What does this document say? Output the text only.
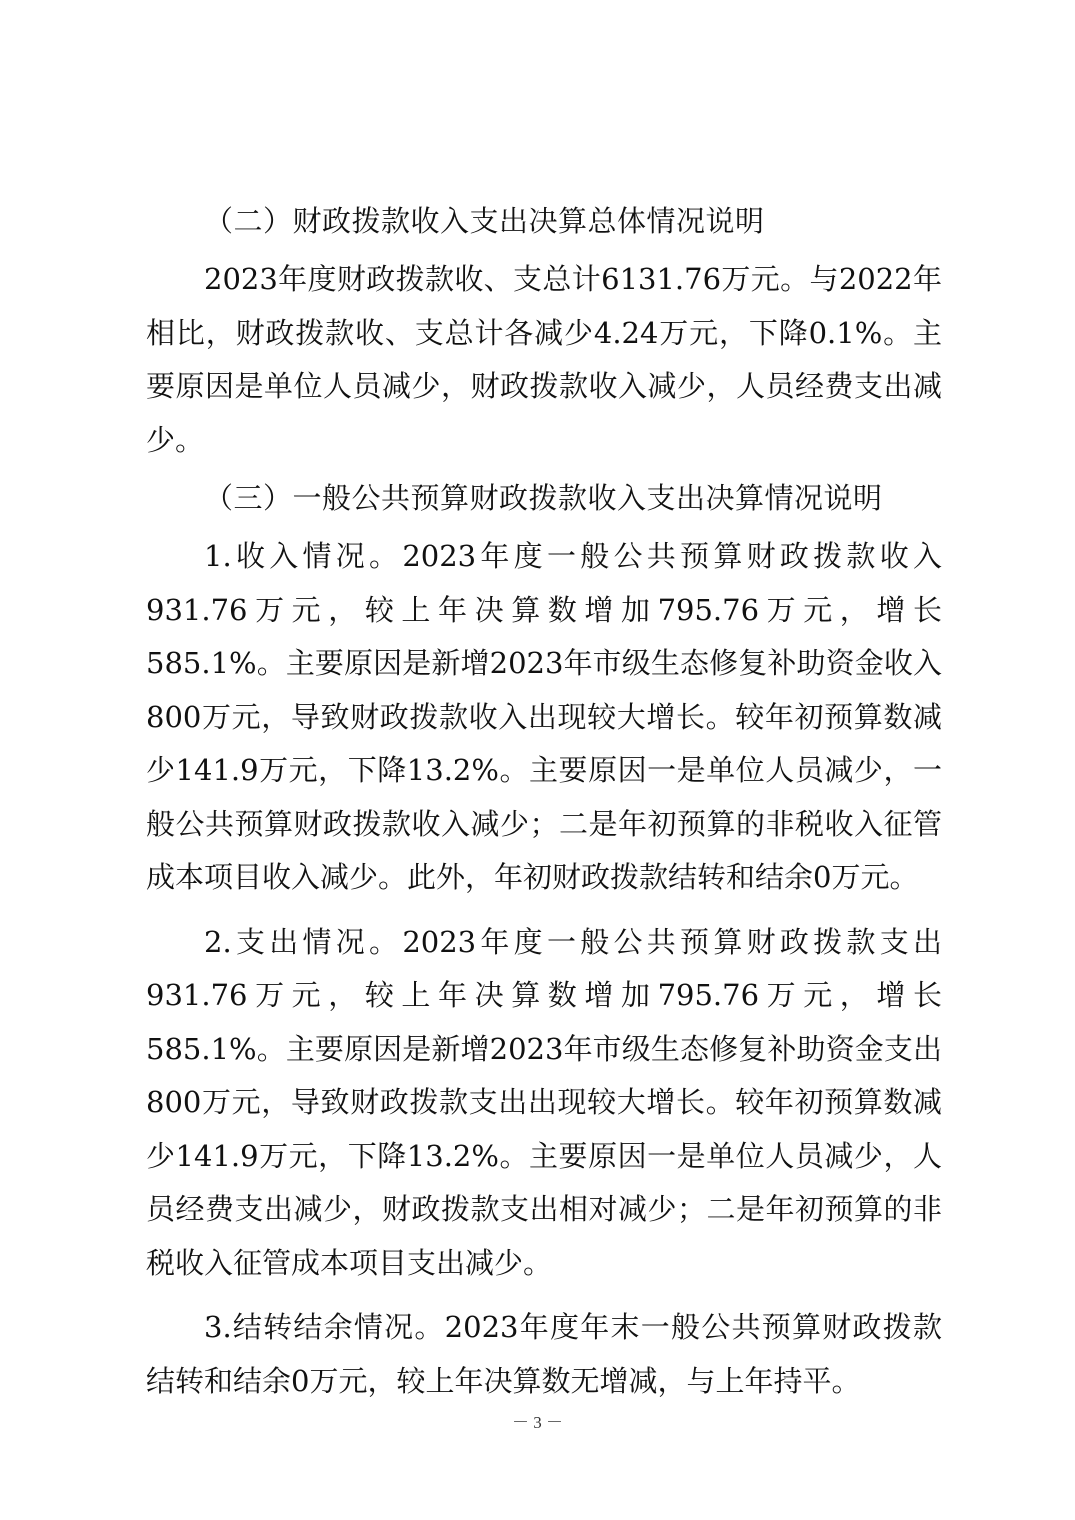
（二）财政拨款收入支出决算总体情况说明

2023年度财政拨款收、支总计6131.76万元。与2022年相比，财政拨款收、支总计各减少4.24万元，下降0.1%。主要原因是单位人员减少，财政拨款收入减少，人员经费支出减少。

（三）一般公共预算财政拨款收入支出决算情况说明

1.收入情况。2023年度一般公共预算财政拨款收入931.76万元，较上年决算数增加795.76万元，增长585.1%。主要原因是新增2023年市级生态修复补助资金收入800万元，导致财政拨款收入出现较大增长。较年初预算数减少141.9万元，下降13.2%。主要原因一是单位人员减少，一般公共预算财政拨款收入减少；二是年初预算的非税收入征管成本项目收入减少。此外，年初财政拨款结转和结余0万元。

2.支出情况。2023年度一般公共预算财政拨款支出931.76万元，较上年决算数增加795.76万元，增长585.1%。主要原因是新增2023年市级生态修复补助资金支出800万元，导致财政拨款支出出现较大增长。较年初预算数减少141.9万元，下降13.2%。主要原因一是单位人员减少，人员经费支出减少，财政拨款支出相对减少；二是年初预算的非税收入征管成本项目支出减少。

3.结转结余情况。2023年度年末一般公共预算财政拨款结转和结余0万元，较上年决算数无增减，与上年持平。

－ 3 －
